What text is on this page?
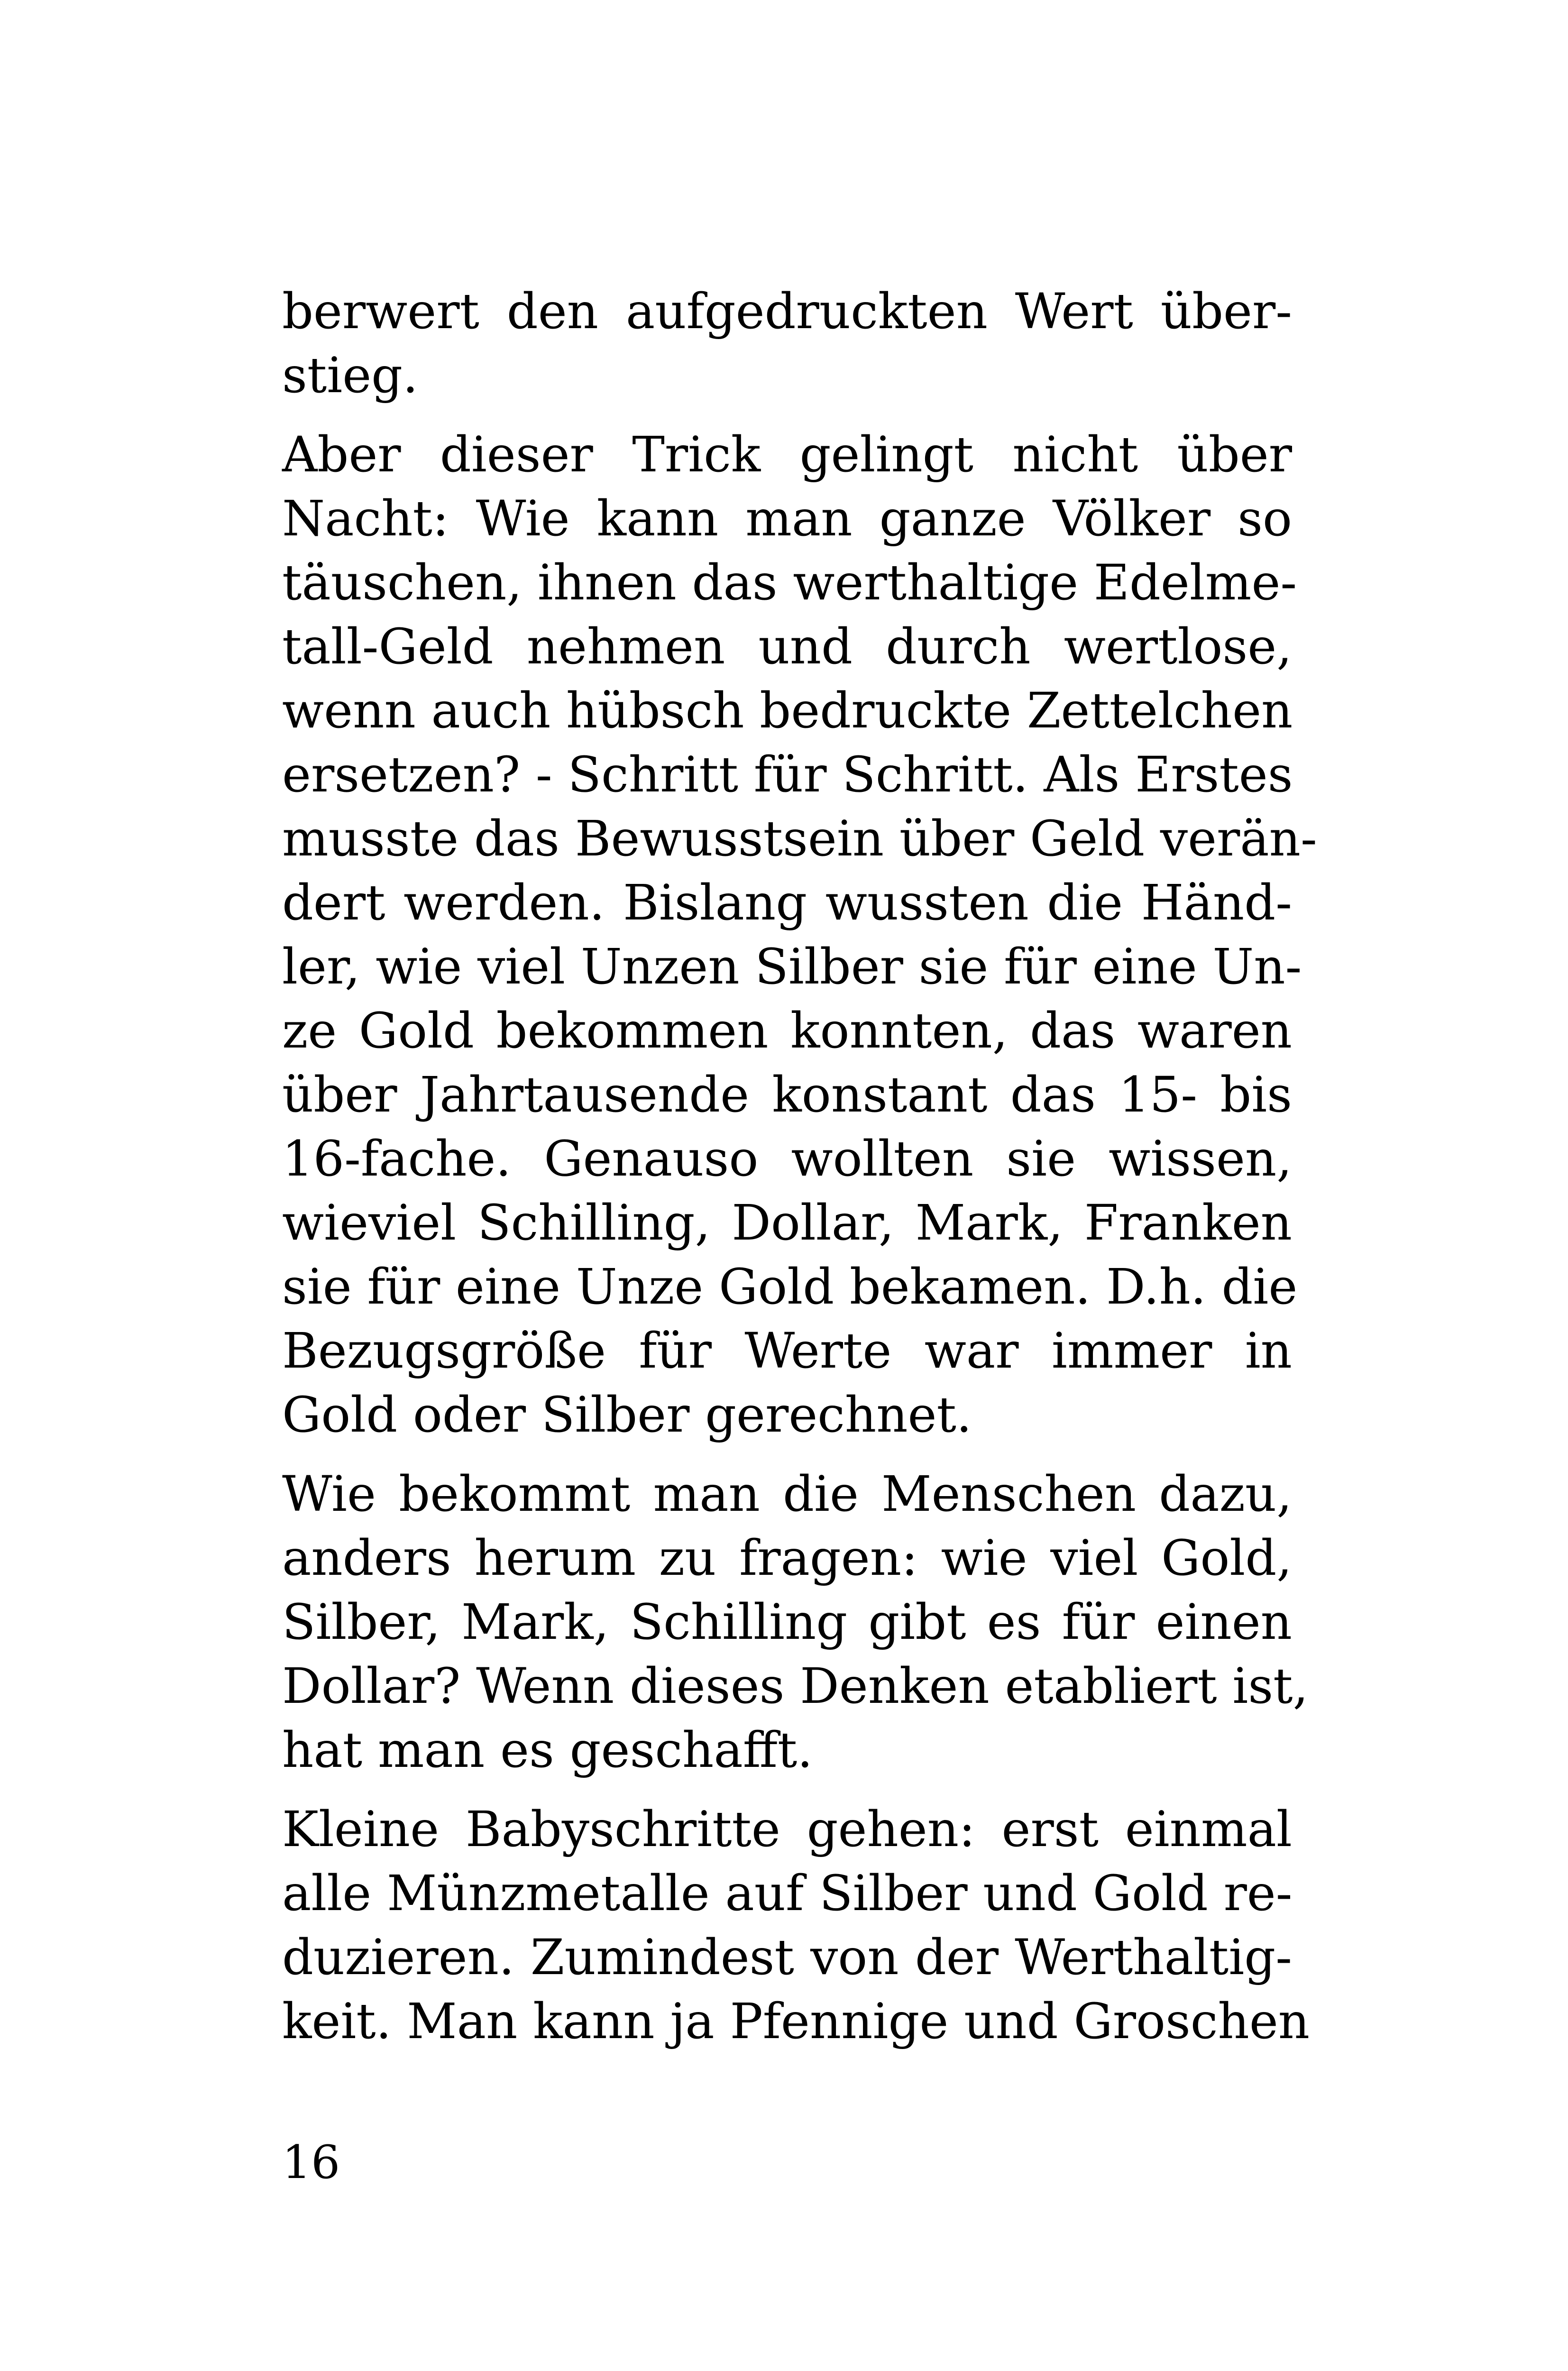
berwert den aufgedruckten Wert über-
stieg.
Aber dieser Trick gelingt nicht über
Nacht: Wie kann man ganze Völker so
täuschen, ihnen das werthaltige Edelme-
tall-Geld nehmen und durch wertlose,
wenn auch hübsch bedruckte Zettelchen
ersetzen? - Schritt für Schritt. Als Erstes
musste das Bewusstsein über Geld verän-
dert werden. Bislang wussten die Händ-
ler, wie viel Unzen Silber sie für eine Un-
ze Gold bekommen konnten, das waren
über Jahrtausende konstant das 15- bis
16-fache. Genauso wollten sie wissen,
wieviel Schilling, Dollar, Mark, Franken
sie für eine Unze Gold bekamen. D.h. die
Bezugsgröße für Werte war immer in
Gold oder Silber gerechnet.
Wie bekommt man die Menschen dazu,
anders herum zu fragen: wie viel Gold,
Silber, Mark, Schilling gibt es für einen
Dollar? Wenn dieses Denken etabliert ist,
hat man es geschafft.
Kleine Babyschritte gehen: erst einmal
alle Münzmetalle auf Silber und Gold re-
duzieren. Zumindest von der Werthaltig-
keit. Man kann ja Pfennige und Groschen
16
